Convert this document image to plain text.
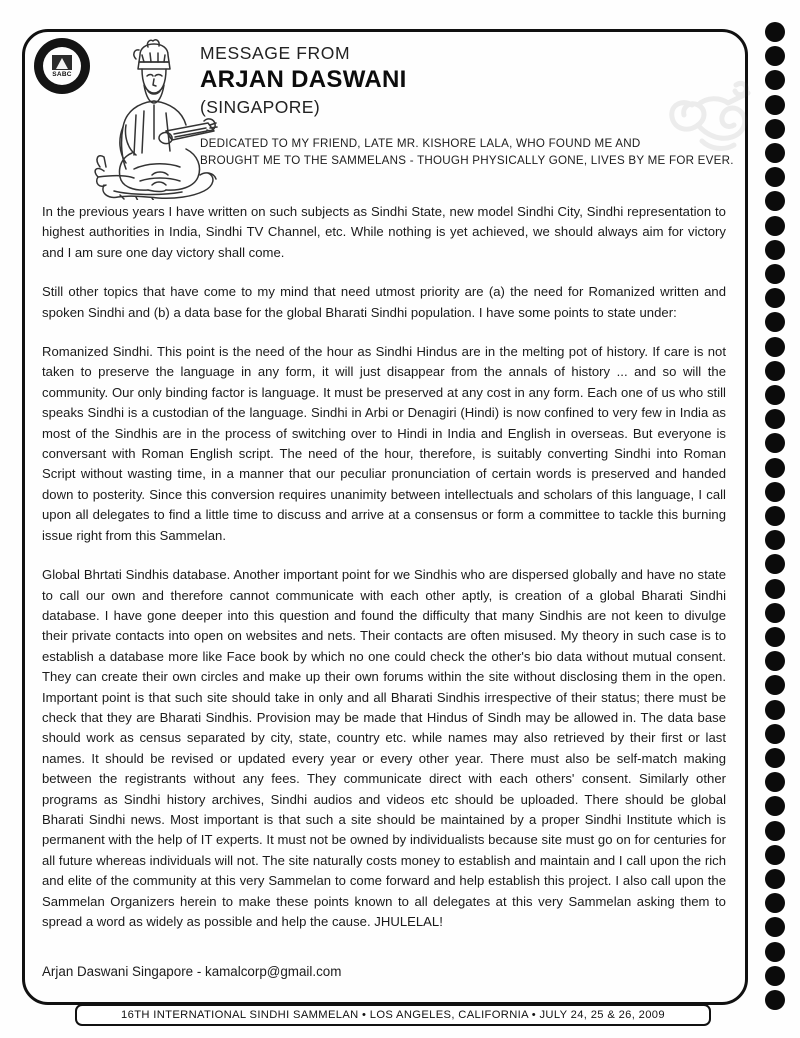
SABC
MESSAGE FROM
ARJAN DASWANI
(SINGAPORE)
DEDICATED TO MY FRIEND, LATE MR. KISHORE LALA, WHO FOUND ME AND
BROUGHT ME TO THE SAMMELANS - THOUGH PHYSICALLY GONE, LIVES BY ME FOR EVER.

In the previous years I have written on such subjects as Sindhi State, new model Sindhi City, Sindhi representation to highest authorities in India, Sindhi TV Channel, etc. While nothing is yet achieved, we should always aim for victory and I am sure one day victory shall come.

Still other topics that have come to my mind that need utmost priority are (a) the need for Romanized written and spoken Sindhi and (b) a data base for the global Bharati Sindhi population. I have some points to state under:

Romanized Sindhi. This point is the need of the hour as Sindhi Hindus are in the melting pot of history. If care is not taken to preserve the language in any form, it will just disappear from the annals of history ... and so will the community. Our only binding factor is language. It must be preserved at any cost in any form. Each one of us who still speaks Sindhi is a custodian of the language. Sindhi in Arbi or Denagiri (Hindi) is now confined to very few in India as most of the Sindhis are in the process of switching over to Hindi in India and English in overseas. But everyone is conversant with Roman English script. The need of the hour, therefore, is suitably converting Sindhi into Roman Script without wasting time, in a manner that our peculiar pronunciation of certain words is preserved and handed down to posterity. Since this conversion requires unanimity between intellectuals and scholars of this language, I call upon all delegates to find a little time to discuss and arrive at a consensus or form a committee to tackle this burning issue right from this Sammelan.

Global Bhrtati Sindhis database. Another important point for we Sindhis who are dispersed globally and have no state to call our own and therefore cannot communicate with each other aptly, is creation of a global Bharati Sindhi database. I have gone deeper into this question and found the difficulty that many Sindhis are not keen to divulge their private contacts into open on websites and nets. Their contacts are often misused. My theory in such case is to establish a database more like Face book by which no one could check the other's bio data without mutual consent. They can create their own circles and make up their own forums within the site without disclosing them in the open. Important point is that such site should take in only and all Bharati Sindhis irrespective of their status; there must be check that they are Bharati Sindhis. Provision may be made that Hindus of Sindh may be allowed in. The data base should work as census separated by city, state, country etc. while names may also retrieved by their first or last names. It should be revised or updated every year or every other year. There must also be self-match making between the registrants without any fees. They communicate direct with each others' consent. Similarly other programs as Sindhi history archives, Sindhi audios and videos etc should be uploaded. There should be global Bharati Sindhi news. Most important is that such a site should be maintained by a proper Sindhi Institute which is permanent with the help of IT experts. It must not be owned by individualists because site must go on for centuries for all future whereas individuals will not. The site naturally costs money to establish and maintain and I call upon the rich and elite of the community at this very Sammelan to come forward and help establish this project. I also call upon the Sammelan Organizers herein to make these points known to all delegates at this very Sammelan asking them to spread a word as widely as possible and help the cause. JHULELAL!

Arjan Daswani Singapore - kamalcorp@gmail.com
16TH INTERNATIONAL SINDHI SAMMELAN • LOS ANGELES, CALIFORNIA • JULY 24, 25 & 26, 2009
